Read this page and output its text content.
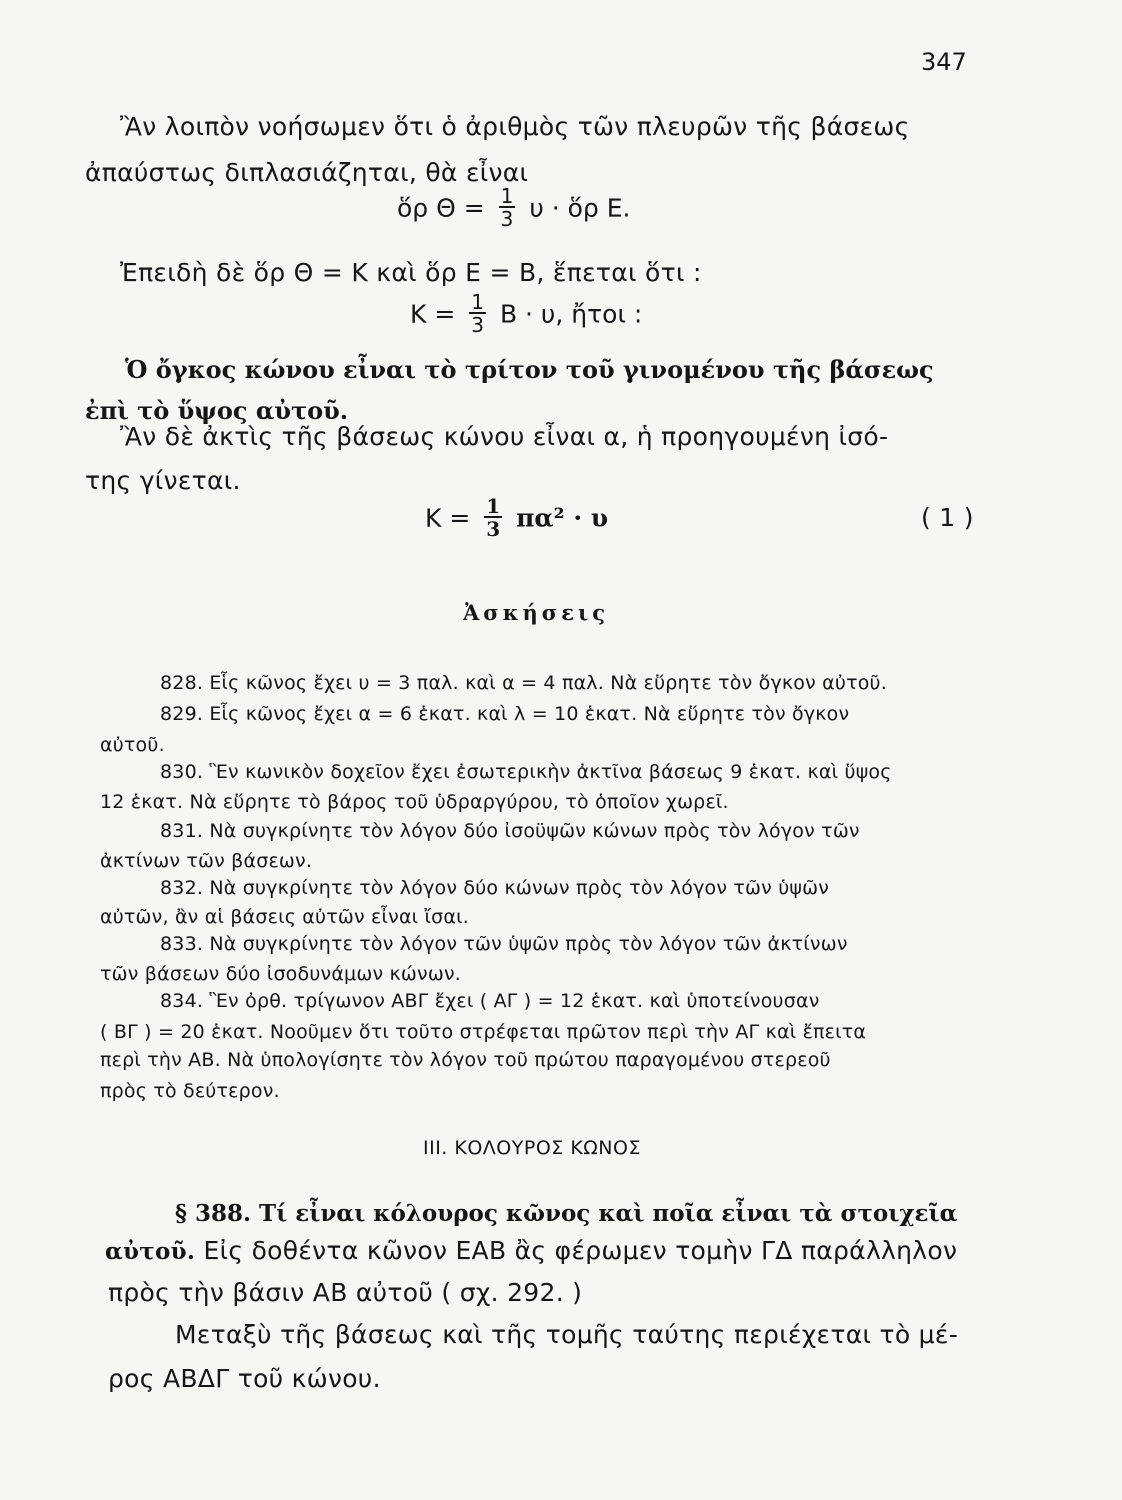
347
Ἂν λοιπὸν νοήσωμεν ὅτι ὁ ἀριθμὸς τῶν πλευρῶν τῆς βάσεως
ἀπαύστως διπλασιάζηται, θὰ εἶναι
ὅρ $\Theta = \frac{1}{3}$ υ · ὅρ Ε.
Ἐπειδὴ δὲ ὅρ Θ = Κ καὶ ὅρ Ε = Β, ἕπεται ὅτι :
$K = \frac{1}{3}$ Β · υ, ἤτοι :
Ὁ ὄγκος κώνου εἶναι τὸ τρίτον τοῦ γινομένου τῆς βάσεως
ἐπὶ τὸ ὕψος αὐτοῦ.
Ἂν δὲ ἀκτὶς τῆς βάσεως κώνου εἶναι α, ἡ προηγουμένη ἰσό-
της γίνεται.
$K = \frac{1}{3} \pi\alpha^2 \cdot \upsilon$	( 1 )
Ἀσκήσεις
828. Εἷς κῶνος ἔχει υ = 3 παλ. καὶ α = 4 παλ. Νὰ εὕρητε τὸν ὄγκον αὐτοῦ.
829. Εἷς κῶνος ἔχει α = 6 ἑκατ. καὶ λ = 10 ἑκατ. Νὰ εὕρητε τὸν ὄγκον
αὐτοῦ.
830. Ἓν κωνικὸν δοχεῖον ἔχει ἐσωτερικὴν ἀκτῖνα βάσεως 9 ἑκατ. καὶ ὕψος
12 ἑκατ. Νὰ εὕρητε τὸ βάρος τοῦ ὑδραργύρου, τὸ ὁποῖον χωρεῖ.
831. Νὰ συγκρίνητε τὸν λόγον δύο ἰσοϋψῶν κώνων πρὸς τὸν λόγον τῶν
ἀκτίνων τῶν βάσεων.
832. Νὰ συγκρίνητε τὸν λόγον δύο κώνων πρὸς τὸν λόγον τῶν ὑψῶν
αὐτῶν, ἂν αἱ βάσεις αὐτῶν εἶναι ἴσαι.
833. Νὰ συγκρίνητε τὸν λόγον τῶν ὑψῶν πρὸς τὸν λόγον τῶν ἀκτίνων
τῶν βάσεων δύο ἰσοδυνάμων κώνων.
834. Ἓν ὀρθ. τρίγωνον ΑΒΓ ἔχει ( ΑΓ ) = 12 ἑκατ. καὶ ὑποτείνουσαν
( ΒΓ ) = 20 ἑκατ. Νοοῦμεν ὅτι τοῦτο στρέφεται πρῶτον περὶ τὴν ΑΓ καὶ ἔπειτα
περὶ τὴν ΑΒ. Νὰ ὑπολογίσητε τὸν λόγον τοῦ πρώτου παραγομένου στερεοῦ
πρὸς τὸ δεύτερον.
ΙΙΙ. ΚΟΛΟΥΡΟΣ ΚΩΝΟΣ
§ 388. Τί εἶναι κόλουρος κῶνος καὶ ποῖα εἶναι τὰ στοιχεῖα
αὐτοῦ. Εἰς δοθέντα κῶνον ΕΑΒ ἂς φέρωμεν τομὴν ΓΔ παράλληλον
πρὸς τὴν βάσιν ΑΒ αὐτοῦ ( σχ. 292. )
Μεταξὺ τῆς βάσεως καὶ τῆς τομῆς ταύτης περιέχεται τὸ μέ-
ρος ΑΒΔΓ τοῦ κώνου.
